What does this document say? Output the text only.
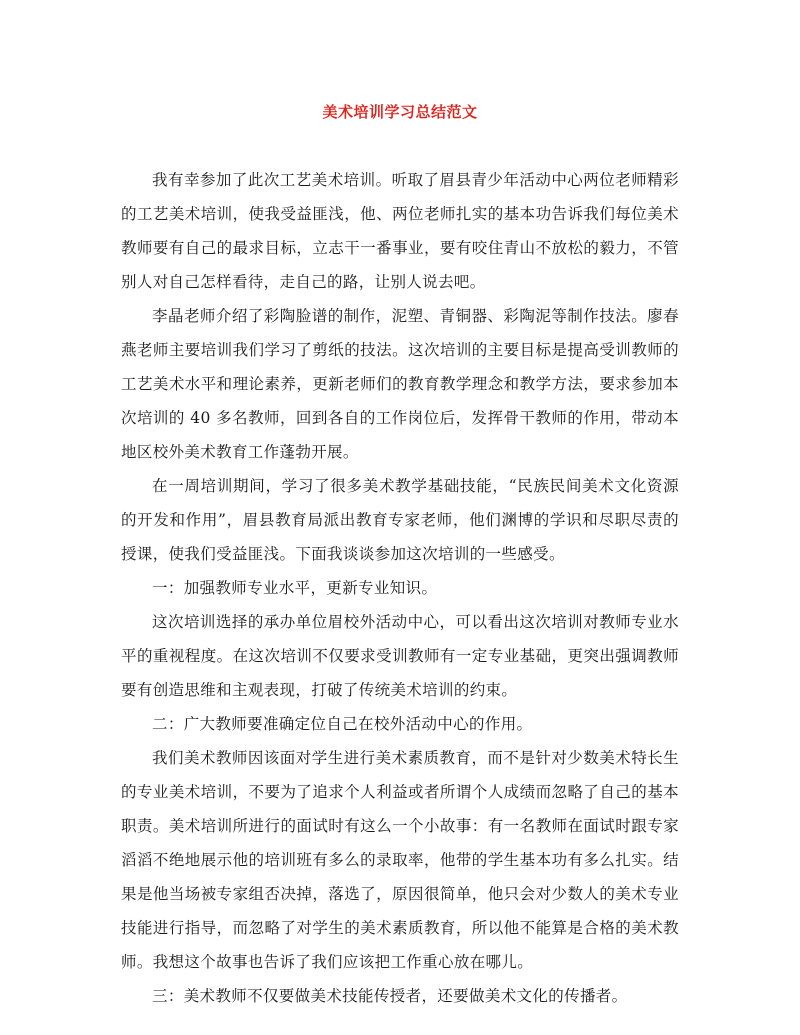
美术培训学习总结范文

我有幸参加了此次工艺美术培训。听取了眉县青少年活动中心两位老师精彩的工艺美术培训，使我受益匪浅，他、两位老师扎实的基本功告诉我们每位美术教师要有自己的最求目标，立志干一番事业，要有咬住青山不放松的毅力，不管别人对自己怎样看待，走自己的路，让别人说去吧。

李晶老师介绍了彩陶脸谱的制作，泥塑、青铜器、彩陶泥等制作技法。廖春燕老师主要培训我们学习了剪纸的技法。这次培训的主要目标是提高受训教师的工艺美术水平和理论素养，更新老师们的教育教学理念和教学方法，要求参加本次培训的 40 多名教师，回到各自的工作岗位后，发挥骨干教师的作用，带动本地区校外美术教育工作蓬勃开展。

在一周培训期间，学习了很多美术教学基础技能，“民族民间美术文化资源的开发和作用”，眉县教育局派出教育专家老师，他们渊博的学识和尽职尽责的授课，使我们受益匪浅。下面我谈谈参加这次培训的一些感受。

一：加强教师专业水平，更新专业知识。

这次培训选择的承办单位眉校外活动中心，可以看出这次培训对教师专业水平的重视程度。在这次培训不仅要求受训教师有一定专业基础，更突出强调教师要有创造思维和主观表现，打破了传统美术培训的约束。

二：广大教师要准确定位自己在校外活动中心的作用。

我们美术教师因该面对学生进行美术素质教育，而不是针对少数美术特长生的专业美术培训，不要为了追求个人利益或者所谓个人成绩而忽略了自己的基本职责。美术培训所进行的面试时有这么一个小故事：有一名教师在面试时跟专家滔滔不绝地展示他的培训班有多么的录取率，他带的学生基本功有多么扎实。结果是他当场被专家组否决掉，落选了，原因很简单，他只会对少数人的美术专业技能进行指导，而忽略了对学生的美术素质教育，所以他不能算是合格的美术教师。我想这个故事也告诉了我们应该把工作重心放在哪儿。

三：美术教师不仅要做美术技能传授者，还要做美术文化的传播者。
